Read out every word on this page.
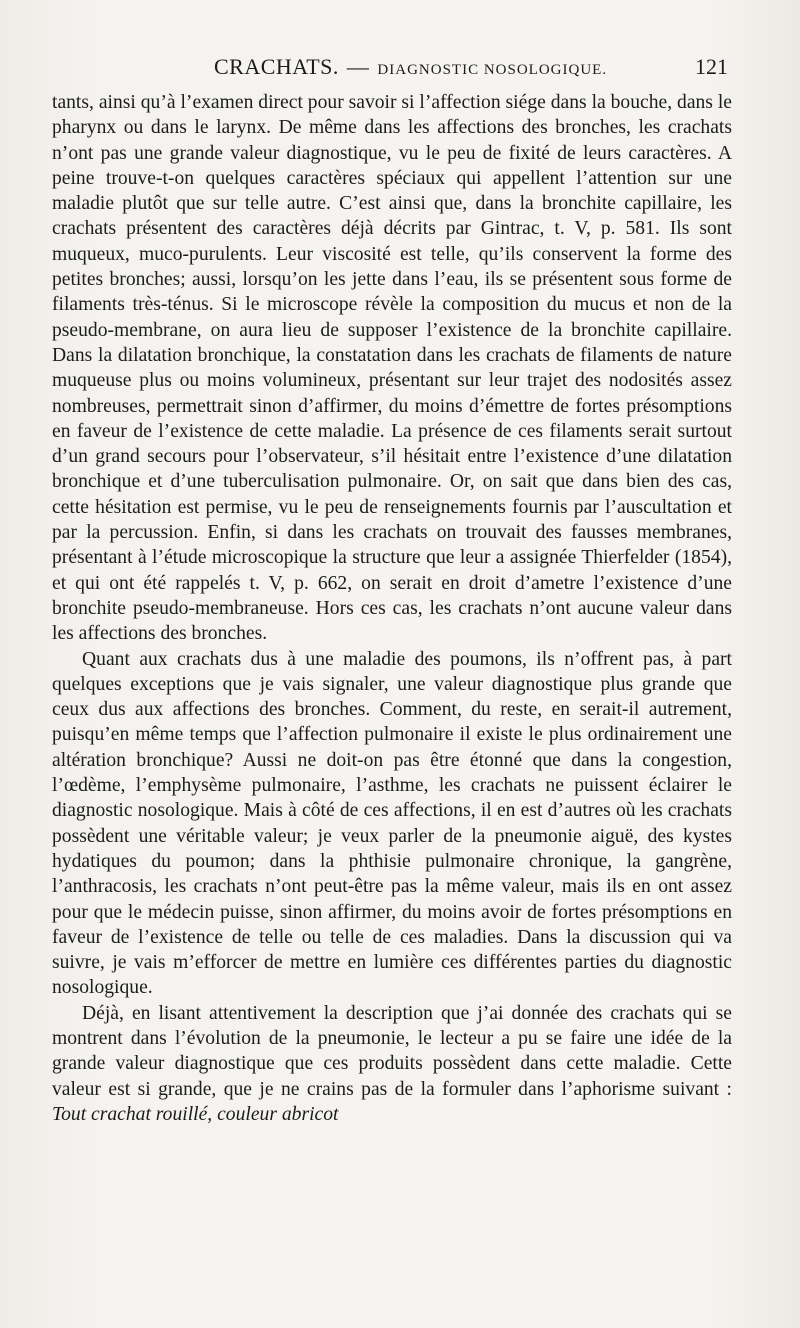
CRACHATS. — DIAGNOSTIC NOSOLOGIQUE.	121

tants, ainsi qu’à l’examen direct pour savoir si l’affection siége dans la bouche, dans le pharynx ou dans le larynx. De même dans les affections des bronches, les crachats n’ont pas une grande valeur diagnostique, vu le peu de fixité de leurs caractères. A peine trouve-t-on quelques caractères spéciaux qui appellent l’attention sur une maladie plutôt que sur telle autre. C’est ainsi que, dans la bronchite capillaire, les crachats présentent des caractères déjà décrits par Gintrac, t. V, p. 581. Ils sont muqueux, muco-purulents. Leur viscosité est telle, qu’ils conservent la forme des petites bronches; aussi, lorsqu’on les jette dans l’eau, ils se présentent sous forme de filaments très-ténus. Si le microscope révèle la composition du mucus et non de la pseudo-membrane, on aura lieu de supposer l’existence de la bronchite capillaire. Dans la dilatation bronchique, la constatation dans les crachats de filaments de nature muqueuse plus ou moins volumineux, présentant sur leur trajet des nodosités assez nombreuses, permettrait sinon d’affirmer, du moins d’émettre de fortes présomptions en faveur de l’existence de cette maladie. La présence de ces filaments serait surtout d’un grand secours pour l’observateur, s’il hésitait entre l’existence d’une dilatation bronchique et d’une tuberculisation pulmonaire. Or, on sait que dans bien des cas, cette hésitation est permise, vu le peu de renseignements fournis par l’auscultation et par la percussion. Enfin, si dans les crachats on trouvait des fausses membranes, présentant à l’étude microscopique la structure que leur a assignée Thierfelder (1854), et qui ont été rappelés t. V, p. 662, on serait en droit d’ametre l’existence d’une bronchite pseudo-membraneuse. Hors ces cas, les crachats n’ont aucune valeur dans les affections des bronches.

Quant aux crachats dus à une maladie des poumons, ils n’offrent pas, à part quelques exceptions que je vais signaler, une valeur diagnostique plus grande que ceux dus aux affections des bronches. Comment, du reste, en serait-il autrement, puisqu’en même temps que l’affection pulmonaire il existe le plus ordinairement une altération bronchique? Aussi ne doit-on pas être étonné que dans la congestion, l’œdème, l’emphysème pulmonaire, l’asthme, les crachats ne puissent éclairer le diagnostic nosologique. Mais à côté de ces affections, il en est d’autres où les crachats possèdent une véritable valeur; je veux parler de la pneumonie aiguë, des kystes hydatiques du poumon; dans la phthisie pulmonaire chronique, la gangrène, l’anthracosis, les crachats n’ont peut-être pas la même valeur, mais ils en ont assez pour que le médecin puisse, sinon affirmer, du moins avoir de fortes présomptions en faveur de l’existence de telle ou telle de ces maladies. Dans la discussion qui va suivre, je vais m’efforcer de mettre en lumière ces différentes parties du diagnostic nosologique.

Déjà, en lisant attentivement la description que j’ai donnée des crachats qui se montrent dans l’évolution de la pneumonie, le lecteur a pu se faire une idée de la grande valeur diagnostique que ces produits possèdent dans cette maladie. Cette valeur est si grande, que je ne crains pas de la formuler dans l’aphorisme suivant : Tout crachat rouillé, couleur abricot
